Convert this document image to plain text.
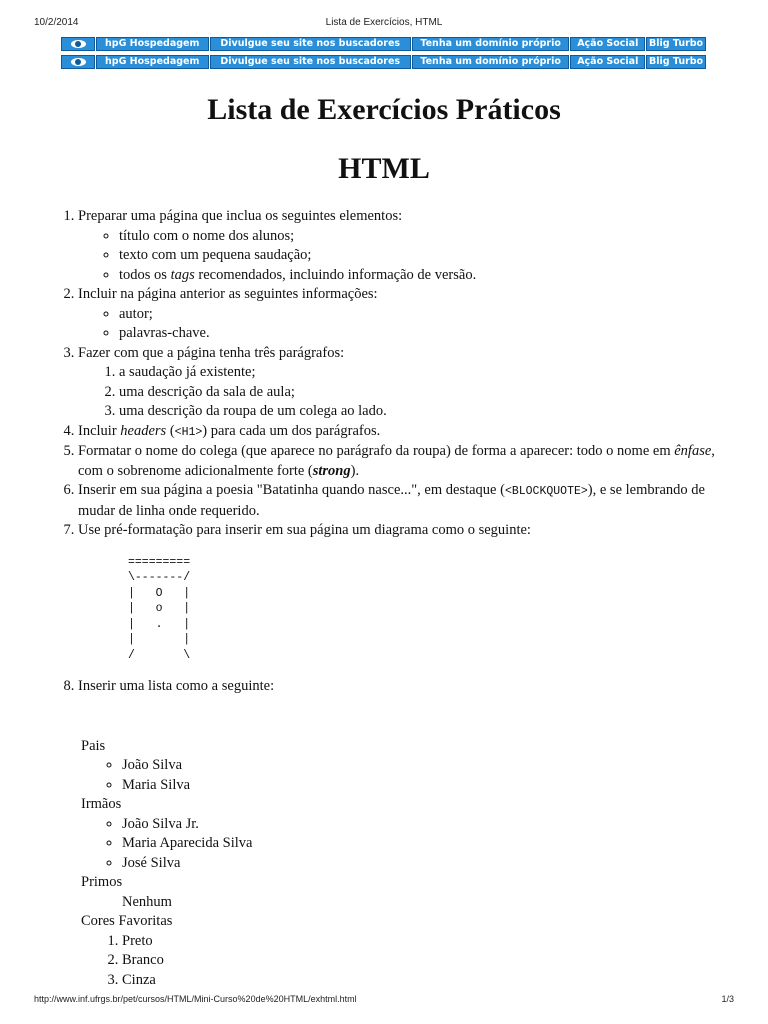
10/2/2014	Lista de Exercícios, HTML
hpG Hospedagem	Divulgue seu site nos buscadores	Tenha um domínio próprio	Ação Social	Blig Turbo
hpG Hospedagem	Divulgue seu site nos buscadores	Tenha um domínio próprio	Ação Social	Blig Turbo
Lista de Exercícios Práticos
HTML
1. Preparar uma página que inclua os seguintes elementos:
◦ título com o nome dos alunos;
◦ texto com um pequena saudação;
◦ todos os tags recomendados, incluindo informação de versão.
2. Incluir na página anterior as seguintes informações:
◦ autor;
◦ palavras-chave.
3. Fazer com que a página tenha três parágrafos:
1. a saudação já existente;
2. uma descrição da sala de aula;
3. uma descrição da roupa de um colega ao lado.
4. Incluir headers (<H1>) para cada um dos parágrafos.
5. Formatar o nome do colega (que aparece no parágrafo da roupa) de forma a aparecer: todo o nome em ênfase, com o sobrenome adicionalmente forte (strong).
6. Inserir em sua página a poesia "Batatinha quando nasce...", em destaque (<BLOCKQUOTE>), e se lembrando de mudar de linha onde requerido.
7. Use pré-formatação para inserir em sua página um diagrama como o seguinte:
=========
\-------/
|   O   |
|   o   |
|   .   |
|       |
/       \
8. Inserir uma lista como a seguinte:
Pais
◦ João Silva
◦ Maria Silva
Irmãos
◦ João Silva Jr.
◦ Maria Aparecida Silva
◦ José Silva
Primos
Nenhum
Cores Favoritas
1. Preto
2. Branco
3. Cinza
http://www.inf.ufrgs.br/pet/cursos/HTML/Mini-Curso%20de%20HTML/exhtml.html	1/3
